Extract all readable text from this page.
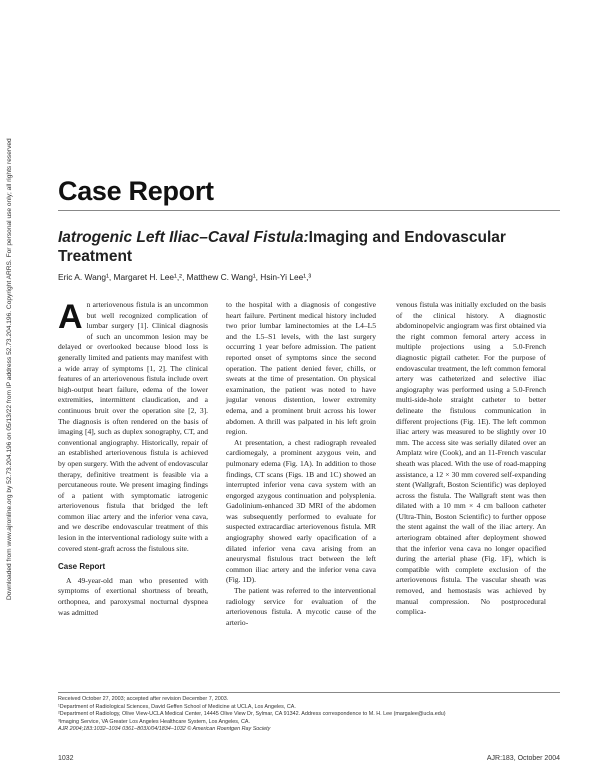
Downloaded from www.ajronline.org by 52.73.204.196 on 05/13/22 from IP address 52.73.204.196. Copyright ARRS. For personal use only; all rights reserved Case Report
Iatrogenic Left Iliac–Caval Fistula:Imaging and Endovascular Treatment
Eric A. Wang¹, Margaret H. Lee¹,², Matthew C. Wang¹, Hsin-Yi Lee¹,³

An arteriovenous fistula is an uncommon but well recognized complication of lumbar surgery [1]. Clinical diagnosis of such an uncommon lesion may be delayed or overlooked because blood loss is generally limited and patients may manifest with a wide array of symptoms [1, 2]. The clinical features of an arteriovenous fistula include overt high-output heart failure, edema of the lower extremities, intermittent claudication, and a continuous bruit over the operation site [2, 3]. The diagnosis is often rendered on the basis of imaging [4], such as duplex sonography, CT, and conventional angiography. Historically, repair of an established arteriovenous fistula is achieved by open surgery. With the advent of endovascular therapy, definitive treatment is feasible via a percutaneous route. We present imaging findings of a patient with symptomatic iatrogenic arteriovenous fistula that bridged the left common iliac artery and the inferior vena cava, and we describe endovascular treatment of this lesion in the interventional radiology suite with a covered stent-graft across the fistulous site.

Case Report

A 49-year-old man who presented with symptoms of exertional shortness of breath, orthopnea, and paroxysmal nocturnal dyspnea was admitted

to the hospital with a diagnosis of congestive heart failure. Pertinent medical history included two prior lumbar laminectomies at the L4–L5 and the L5–S1 levels, with the last surgery occurring 1 year before admission. The patient reported onset of symptoms since the second operation. The patient denied fever, chills, or sweats at the time of presentation. On physical examination, the patient was noted to have jugular venous distention, lower extremity edema, and a prominent bruit across his lower abdomen. A thrill was palpated in his left groin region.

At presentation, a chest radiograph revealed cardiomegaly, a prominent azygous vein, and pulmonary edema (Fig. 1A). In addition to those findings, CT scans (Figs. 1B and 1C) showed an interrupted inferior vena cava system with an engorged azygous continuation and polysplenia. Gadolinium-enhanced 3D MRI of the abdomen was subsequently performed to evaluate for suspected extracardiac arteriovenous fistula. MR angiography showed early opacification of a dilated inferior vena cava arising from an aneurysmal fistulous tract between the left common iliac artery and the inferior vena cava (Fig. 1D).

The patient was referred to the interventional radiology service for evaluation of the arteriovenous fistula. A mycotic cause of the arterio-

venous fistula was initially excluded on the basis of the clinical history. A diagnostic abdominopelvic angiogram was first obtained via the right common femoral artery access in multiple projections using a 5.0-French diagnostic pigtail catheter. For the purpose of endovascular treatment, the left common femoral artery was catheterized and selective iliac angiography was performed using a 5.0-French multi-side-hole straight catheter to better delineate the fistulous communication in different projections (Fig. 1E). The left common iliac artery was measured to be slightly over 10 mm. The access site was serially dilated over an Amplatz wire (Cook), and an 11-French vascular sheath was placed. With the use of road-mapping assistance, a 12 × 30 mm covered self-expanding stent (Wallgraft, Boston Scientific) was deployed across the fistula. The Wallgraft stent was then dilated with a 10 mm × 4 cm balloon catheter (Ultra-Thin, Boston Scientific) to further oppose the stent against the wall of the iliac artery. An arteriogram obtained after deployment showed that the inferior vena cava no longer opacified during the arterial phase (Fig. 1F), which is compatible with complete exclusion of the arteriovenous fistula. The vascular sheath was removed, and hemostasis was achieved by manual compression. No postprocedural complica-

Received October 27, 2003; accepted after revision December 7, 2003.
¹Department of Radiological Sciences, David Geffen School of Medicine at UCLA, Los Angeles, CA.
²Department of Radiology, Olive View-UCLA Medical Center, 14445 Olive View Dr, Sylmar, CA 91342. Address correspondence to M. H. Lee (margalee@ucla.edu)
³Imaging Service, VA Greater Los Angeles Healthcare System, Los Angeles, CA.
AJR 2004;183:1032–1034 0361–803X/04/1834–1032 © American Roentgen Ray Society
1032	AJR:183, October 2004
